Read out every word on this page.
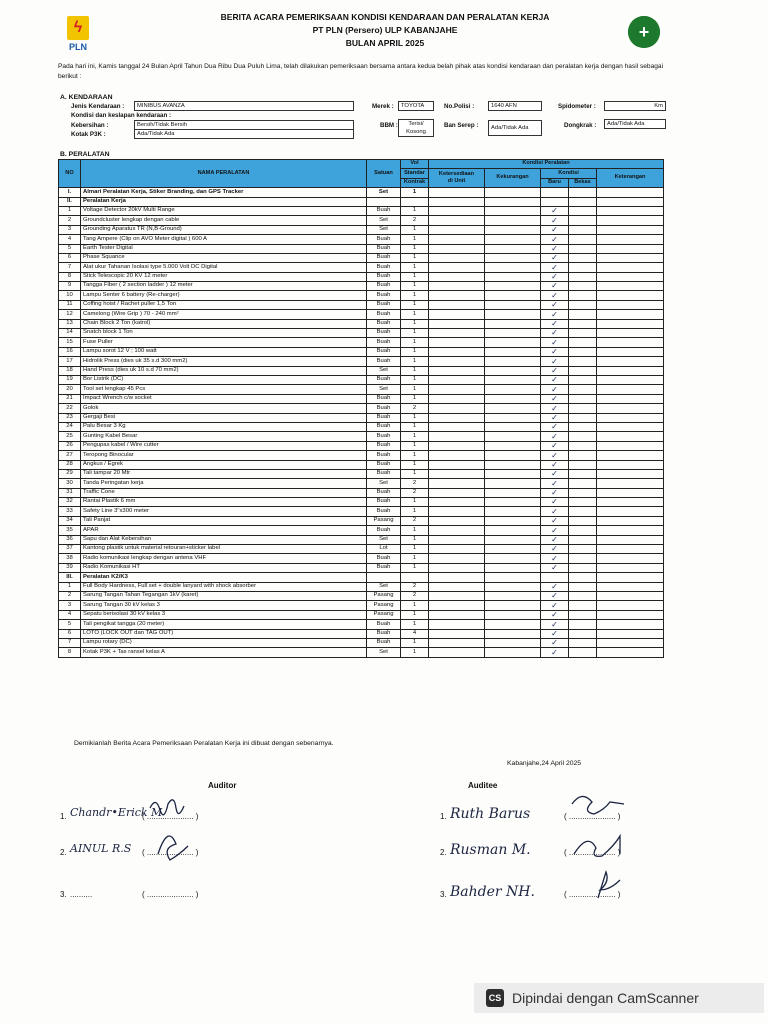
ϟ
PLN
+
BERITA ACARA PEMERIKSAAN KONDISI KENDARAAN DAN PERALATAN KERJA
PT PLN (Persero) ULP KABANJAHE
BULAN APRIL 2025
Pada hari ini, Kamis tanggal 24 Bulan April Tahun Dua Ribu Dua Puluh Lima, telah dilakukan pemeriksaan bersama antara kedua belah pihak atas kondisi kendaraan dan peralatan kerja dengan hasil sebagai berikut :
A. KENDARAAN
Jenis Kendaraan :	MINIBUS AVANZA	Merek :	TOYOTA	No.Polisi :	1640 AFN	Spidometer :	Km
Kondisi dan keslapan kendaraan :
Kebersihan :	Bersih/Tidak Bersih
Kotak P3K :	Ada/Tidak Ada
BBM :	Terisi/
Kosong
Ban Serep :	Ada/Tidak Ada	Dongkrak :	Ada/Tidak Ada
B. PERALATAN
NO	NAMA PERALATAN	Satuan	Vol	Kondisi Peralatan				
			Standar	Ketersediaan
di Unit	Kekurangan	Kondisi		Keterangan
			Kontrak			Baru	Bekas	
I.	Almari Peralatan Kerja, Stiker Branding, dan GPS Tracker	Set	1					
II.	Peralatan Kerja							
1	Voltage Detector 20kV Multi Range	Buah	1			✓		
2	Groundcluster lengkap dengan cable	Set	2			✓		
3	Grounding Aparatus TR (N,B-Ground)	Set	1			✓		
4	Tang Ampere (Clip on AVO Meter digital ) 600 A	Buah	1			✓		
5	Earth Tester Digital	Buah	1			✓		
6	Phase Squance	Buah	1			✓		
7	Alat ukur Tahanan Isolasi type 5.000 Volt DC Digital	Buah	1			✓		
8	Stick Telescopic 20 KV 12 meter	Buah	1			✓		
9	Tangga Fiber ( 2 section ladder ) 12 meter	Buah	1			✓		
10	Lampu Senter 6 battery (Re-charger)	Buah	1			✓		
11	Coffing hoist / Rachet puller 1,5 Ton	Buah	1			✓		
12	Camelong (Wire Grip ) 70 - 240 mm²	Buah	1			✓		
13	Chain Block 2 Ton (katrol)	Buah	1			✓		
14	Snatch block 1 Ton	Buah	1			✓		
15	Fuse Puller	Buah	1			✓		
16	Lampu sorot 12 V ; 100 watt	Buah	1			✓		
17	Hidrolik Press (dies uk 35 s.d 300 mm2)	Buah	1			✓		
18	Hand Press (dies uk 10 s.d 70 mm2)	Set	1			✓		
19	Bor Listrik (DC)	Buah	1			✓		
20	Tool set lengkap 45 Pcs	Set	1			✓		
21	Impact Wrench c/w socket	Buah	1			✓		
22	Golok	Buah	2			✓		
23	Gergaji Besi	Buah	1			✓		
24	Palu Besar 3 Kg	Buah	1			✓		
25	Gunting Kabel Besar	Buah	1			✓		
26	Pengupas kabel / Wire cutter	Buah	1			✓		
27	Teropong Binocular	Buah	1			✓		
28	Angkus / Egrek	Buah	1			✓		
29	Tali tampar 20 Mtr	Buah	1			✓		
30	Tanda Peringatan kerja	Set	2			✓		
31	Traffic Cone	Buah	2			✓		
32	Rantai Plastik 6 mm	Buah	1			✓		
33	Safety Line 3"x300 meter	Buah	1			✓		
34	Tali Panjat	Pasang	2			✓		
35	APAR	Buah	1			✓		
36	Sapu dan Alat Kebersihan	Set	1			✓		
37	Kantong plastik untuk material retouran+sticker label	Lot	1			✓		
38	Radio komunikasi lengkap dengan antena VHF	Buah	1			✓		
39	Radio Komunikasi HT	Buah	1			✓		
III.	Peralatan K2/K3							
1	Full Body Hardness, Full set + double lanyard with shock absorber	Set	2			✓		
2	Sarung Tangan Tahan Tegangan 1kV (karet)	Pasang	2			✓		
3	Sarung Tangan 30 kV kelas 3	Pasang	1			✓		
4	Sepatu berisolasi 30 kV kelas 3	Pasang	1			✓		
5	Tali pengikat tangga (20 meter)	Buah	1			✓		
6	LOTO (LOCK OUT dan TAG OUT)	Buah	4			✓		
7	Lampu rotary (DC)	Buah	1			✓		
8	Kotak P3K + Tas ransel kelas A	Set	1			✓		
Demikianlah Berita Acara Pemeriksaan Peralatan Kerja ini dibuat dengan sebenarnya.
Kabanjahe,24 April 2025
Auditor	Auditee
1. Chandr•Erick M
( ..................... )
2. AINUL R.S ( ..................... )
3. ..........	( ..................... )
1. Ruth Barus	( ..................... )
2. Rusman M.	( ..................... )
3. Bahder NH.	( ..................... )
CS Dipindai dengan CamScanner
